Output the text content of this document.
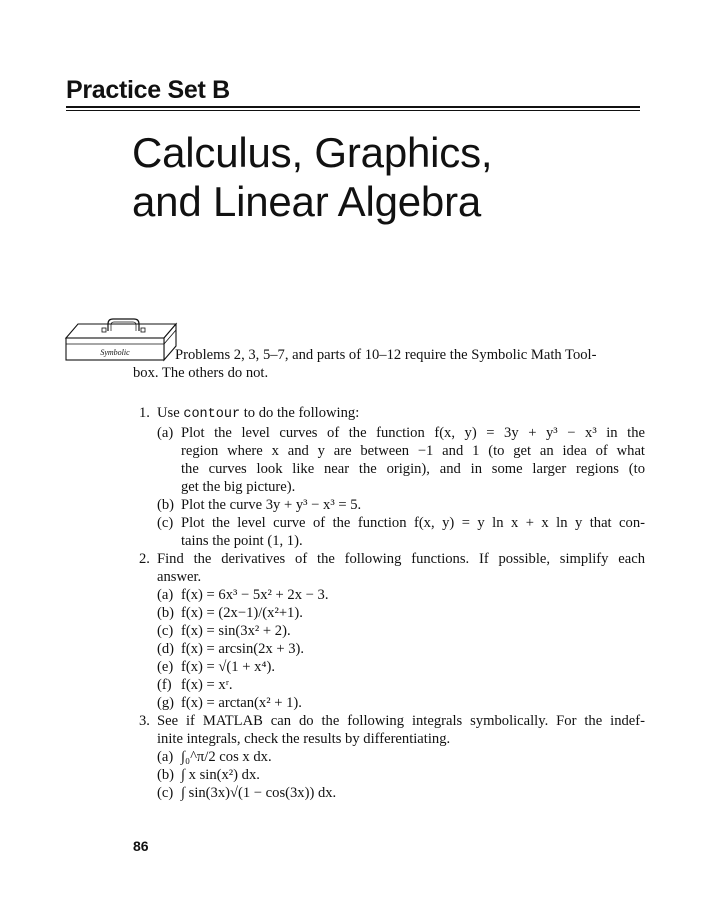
Practice Set B
Calculus, Graphics,
and Linear Algebra
Symbolic	Problems 2, 3, 5–7, and parts of 10–12 require the Symbolic Math Tool-
box. The others do not.

1. Use contour to do the following:
(a) Plot the level curves of the function f(x, y) = 3y + y³ − x³ in the
region where x and y are between −1 and 1 (to get an idea of what
the curves look like near the origin), and in some larger regions (to
get the big picture).
(b) Plot the curve 3y + y³ − x³ = 5.
(c) Plot the level curve of the function f(x, y) = y ln x + x ln y that con-
tains the point (1, 1).
2. Find the derivatives of the following functions. If possible, simplify each
answer.
(a) f(x) = 6x³ − 5x² + 2x − 3.
(b) f(x) = (2x−1)/(x²+1).
(c) f(x) = sin(3x² + 2).
(d) f(x) = arcsin(2x + 3).
(e) f(x) = √(1 + x⁴).
(f) f(x) = xʳ.
(g) f(x) = arctan(x² + 1).
3. See if MATLAB can do the following integrals symbolically. For the indef-
inite integrals, check the results by differentiating.
(a) ∫₀^π/2 cos x dx.
(b) ∫ x sin(x²) dx.
(c) ∫ sin(3x)√(1 − cos(3x)) dx.
86
